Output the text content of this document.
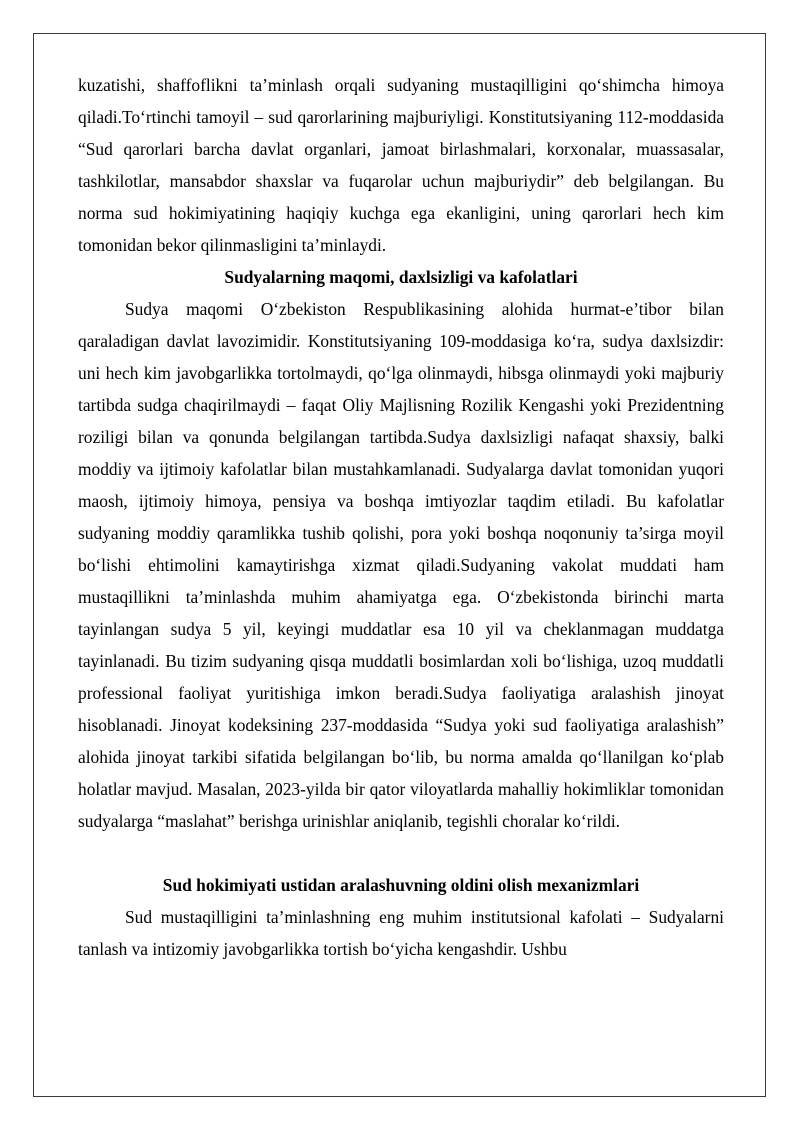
kuzatishi, shaffoflikni ta’minlash orqali sudyaning mustaqilligini qo‘shimcha himoya qiladi.To‘rtinchi tamoyil – sud qarorlarining majburiyligi. Konstitutsiyaning 112-moddasida “Sud qarorlari barcha davlat organlari, jamoat birlashmalari, korxonalar, muassasalar, tashkilotlar, mansabdor shaxslar va fuqarolar uchun majburiydir” deb belgilangan. Bu norma sud hokimiyatining haqiqiy kuchga ega ekanligini, uning qarorlari hech kim tomonidan bekor qilinmasligini ta’minlaydi.

Sudyalarning maqomi, daxlsizligi va kafolatlari

Sudya maqomi O‘zbekiston Respublikasining alohida hurmat-e’tibor bilan qaraladigan davlat lavozimidir. Konstitutsiyaning 109-moddasiga ko‘ra, sudya daxlsizdir: uni hech kim javobgarlikka tortolmaydi, qo‘lga olinmaydi, hibsga olinmaydi yoki majburiy tartibda sudga chaqirilmaydi – faqat Oliy Majlisning Rozilik Kengashi yoki Prezidentning roziligi bilan va qonunda belgilangan tartibda.Sudya daxlsizligi nafaqat shaxsiy, balki moddiy va ijtimoiy kafolatlar bilan mustahkamlanadi. Sudyalarga davlat tomonidan yuqori maosh, ijtimoiy himoya, pensiya va boshqa imtiyozlar taqdim etiladi. Bu kafolatlar sudyaning moddiy qaramlikka tushib qolishi, pora yoki boshqa noqonuniy ta’sirga moyil bo‘lishi ehtimolini kamaytirishga xizmat qiladi.Sudyaning vakolat muddati ham mustaqillikni ta’minlashda muhim ahamiyatga ega. O‘zbekistonda birinchi marta tayinlangan sudya 5 yil, keyingi muddatlar esa 10 yil va cheklanmagan muddatga tayinlanadi. Bu tizim sudyaning qisqa muddatli bosimlardan xoli bo‘lishiga, uzoq muddatli professional faoliyat yuritishiga imkon beradi.Sudya faoliyatiga aralashish jinoyat hisoblanadi. Jinoyat kodeksining 237-moddasida “Sudya yoki sud faoliyatiga aralashish” alohida jinoyat tarkibi sifatida belgilangan bo‘lib, bu norma amalda qo‘llanilgan ko‘plab holatlar mavjud. Masalan, 2023-yilda bir qator viloyatlarda mahalliy hokimliklar tomonidan sudyalarga “maslahat” berishga urinishlar aniqlanib, tegishli choralar ko‘rildi.

Sud hokimiyati ustidan aralashuvning oldini olish mexanizmlari

Sud mustaqilligini ta’minlashning eng muhim institutsional kafolati – Sudyalarni tanlash va intizomiy javobgarlikka tortish bo‘yicha kengashdir. Ushbu
